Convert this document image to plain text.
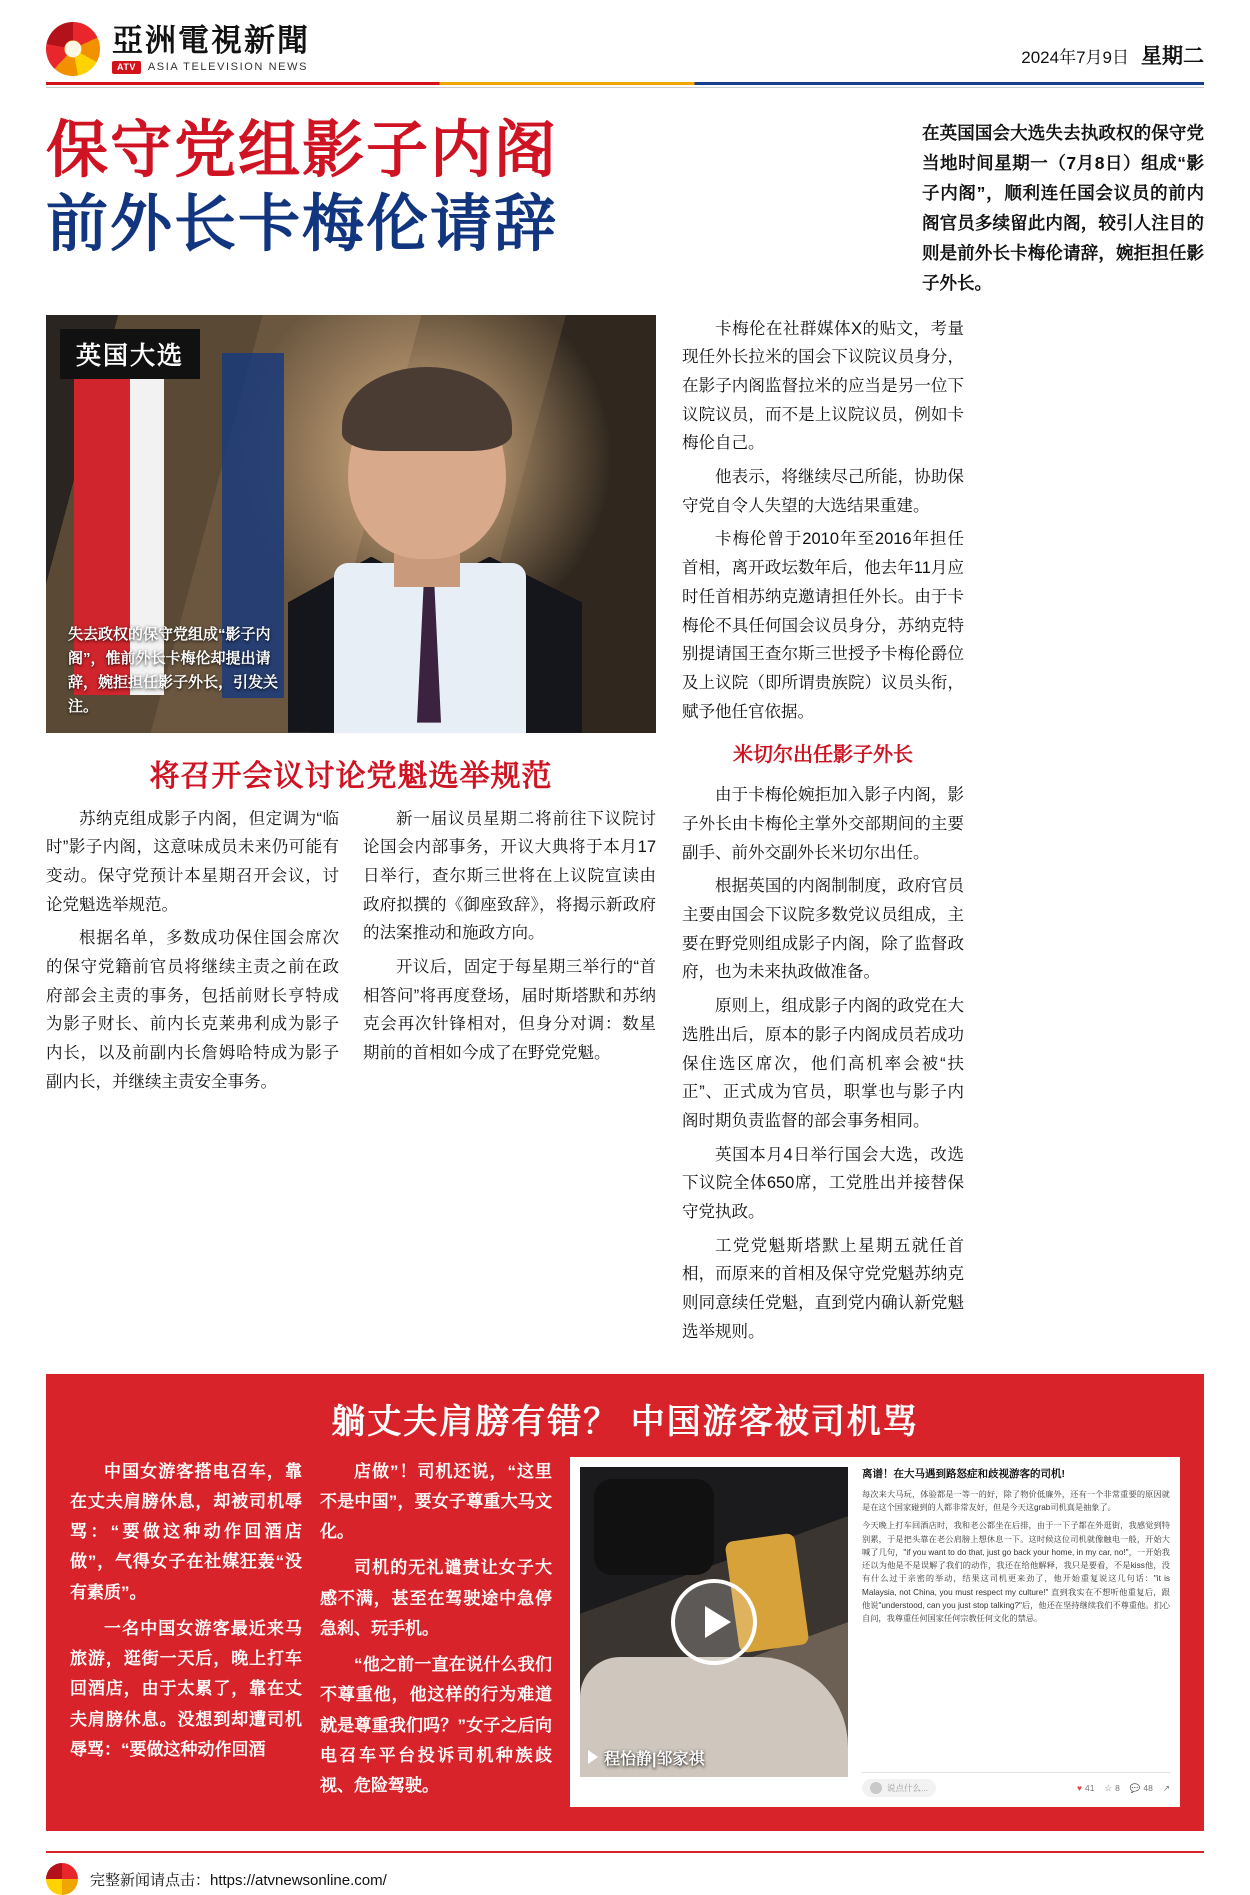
亞洲電視新聞
ATV	ASIA TELEVISION NEWS	2024年7月9日 星期二
保守党组影子内阁
前外长卡梅伦请辞
在英国国会大选失去执政权的保守党当地时间星期一（7月8日）组成“影子内阁”，顺利连任国会议员的前内阁官员多续留此内阁，较引人注目的则是前外长卡梅伦请辞，婉拒担任影子外长。
英国大选
失去政权的保守党组成“影子内阁”，惟前外长卡梅伦却提出请辞，婉拒担任影子外长，引发关注。
将召开会议讨论党魁选举规范

苏纳克组成影子内阁，但定调为“临时”影子内阁，这意味成员未来仍可能有变动。保守党预计本星期召开会议，讨论党魁选举规范。

根据名单，多数成功保住国会席次的保守党籍前官员将继续主责之前在政府部会主责的事务，包括前财长亨特成为影子财长、前内长克莱弗利成为影子内长，以及前副内长詹姆哈特成为影子副内长，并继续主责安全事务。

新一届议员星期二将前往下议院讨论国会内部事务，开议大典将于本月17日举行，查尔斯三世将在上议院宣读由政府拟撰的《御座致辞》，将揭示新政府的法案推动和施政方向。

开议后，固定于每星期三举行的“首相答问”将再度登场，届时斯塔默和苏纳克会再次针锋相对，但身分对调：数星期前的首相如今成了在野党党魁。

卡梅伦在社群媒体X的贴文，考量现任外长拉米的国会下议院议员身分，在影子内阁监督拉米的应当是另一位下议院议员，而不是上议院议员，例如卡梅伦自己。

他表示，将继续尽己所能，协助保守党自令人失望的大选结果重建。

卡梅伦曾于2010年至2016年担任首相，离开政坛数年后，他去年11月应时任首相苏纳克邀请担任外长。由于卡梅伦不具任何国会议员身分，苏纳克特别提请国王查尔斯三世授予卡梅伦爵位及上议院（即所谓贵族院）议员头衔，赋予他任官依据。

米切尔出任影子外长

由于卡梅伦婉拒加入影子内阁，影子外长由卡梅伦主掌外交部期间的主要副手、前外交副外长米切尔出任。

根据英国的内阁制制度，政府官员主要由国会下议院多数党议员组成，主要在野党则组成影子内阁，除了监督政府，也为未来执政做准备。

原则上，组成影子内阁的政党在大选胜出后，原本的影子内阁成员若成功保住选区席次，他们高机率会被“扶正”、正式成为官员，职掌也与影子内阁时期负责监督的部会事务相同。

英国本月4日举行国会大选，改选下议院全体650席，工党胜出并接替保守党执政。

工党党魁斯塔默上星期五就任首相，而原来的首相及保守党党魁苏纳克则同意续任党魁，直到党内确认新党魁选举规则。

躺丈夫肩膀有错？ 中国游客被司机骂

中国女游客搭电召车，靠在丈夫肩膀休息，却被司机辱骂：“要做这种动作回酒店做”，气得女子在社媒狂轰“没有素质”。

一名中国女游客最近来马旅游，逛街一天后，晚上打车回酒店，由于太累了，靠在丈夫肩膀休息。没想到却遭司机辱骂：“要做这种动作回酒

店做”！司机还说，“这里不是中国”，要女子尊重大马文化。

司机的无礼谴责让女子大感不满，甚至在驾驶途中急停急刹、玩手机。

“他之前一直在说什么我们不尊重他，他这样的行为难道就是尊重我们吗？”女子之后向电召车平台投诉司机种族歧视、危险驾驶。

程怡静|邹家祺
离谱！在大马遇到路怒症和歧视游客的司机!

每次来大马玩，体验都是一等一的好，除了物价低廉外，还有一个非常重要的原因就是在这个国家碰到的人都非常友好，但是今天这grab司机真是抽象了。

今天晚上打车回酒店时，我和老公都坐在后排，由于一下子都在外逛街，我感觉到特别累，于是把头靠在老公肩膀上想休息一下。这时候这位司机就像触电一般，开始大喊了几句，"if you want to do that, just go back your home, in my car, no!"，一开始我还以为他是不是误解了我们的动作，我还在给他解释，我只是要看，不是kiss他，没有什么过于亲密的举动，结果这司机更来劲了，他开始重复说这几句话："it is Malaysia, not China, you must respect my culture!" 直到我实在不想听他重复后，跟他说"understood, can you just stop talking?"后，他还在坚持继续我们不尊重他。扪心自问，我尊重任何国家任何宗教任何文化的禁忌。

说点什么...	♥ 41 ☆ 8 💬 48 ↗
完整新闻请点击：https://atvnewsonline.com/
